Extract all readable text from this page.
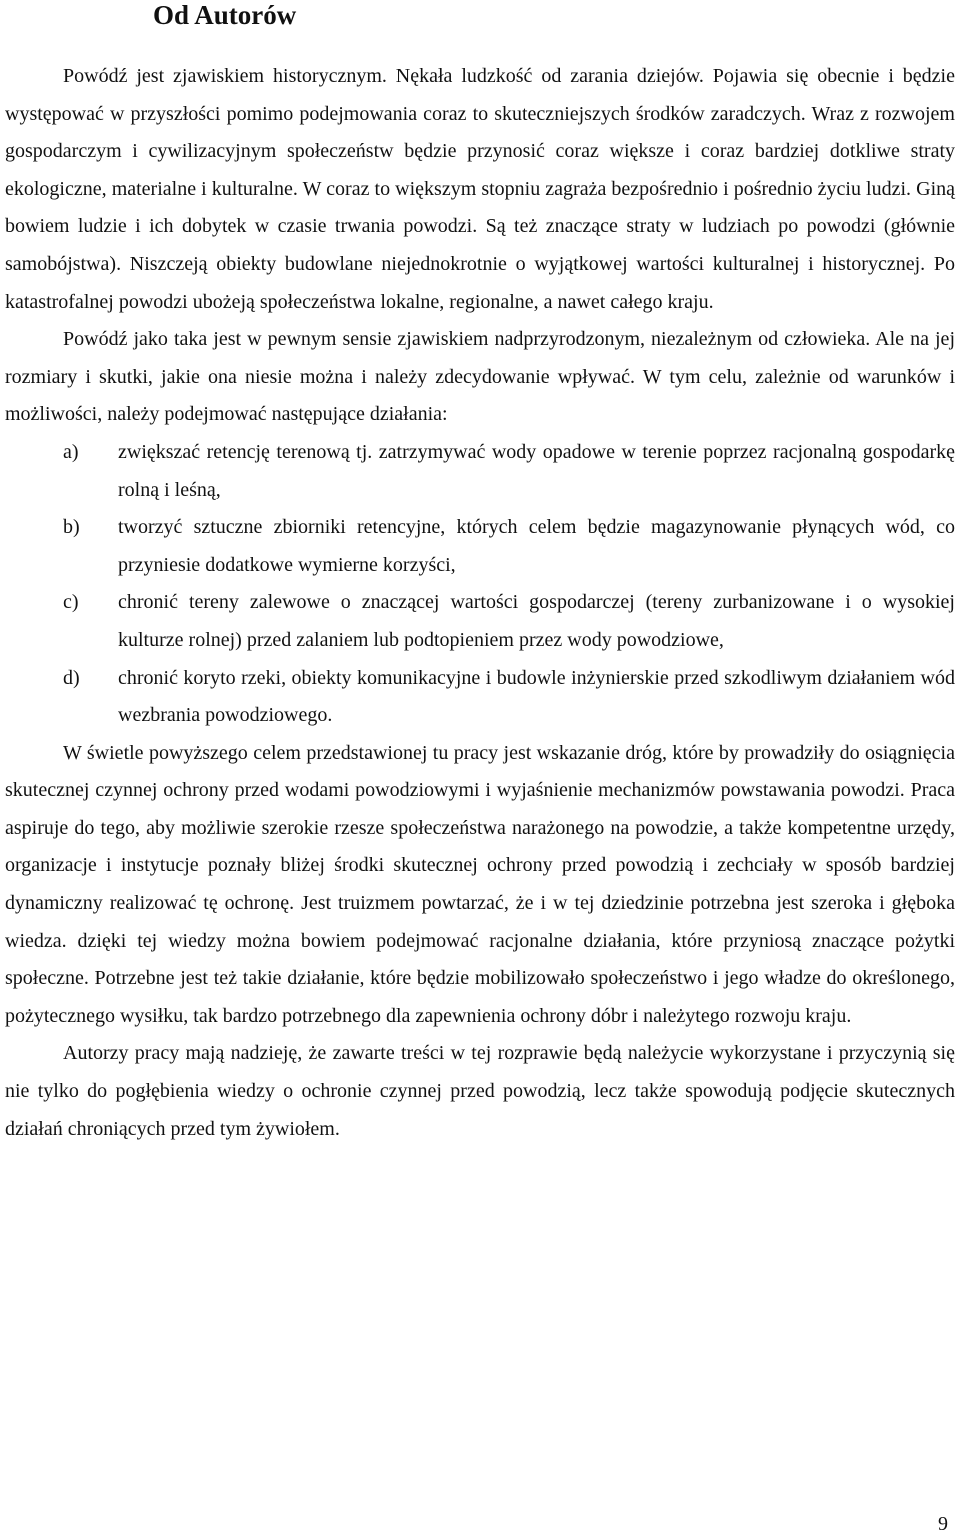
Od Autorów

Powódź jest zjawiskiem historycznym. Nękała ludzkość od zarania dziejów. Pojawia się obecnie i będzie występować w przyszłości pomimo podejmowania coraz to skuteczniejszych środków zaradczych. Wraz z rozwojem gospodarczym i cywilizacyjnym społeczeństw będzie przynosić coraz większe i coraz bardziej dotkliwe straty ekologiczne, materialne i kulturalne. W coraz to większym stopniu zagraża bezpośrednio i pośrednio życiu ludzi. Giną bowiem ludzie i ich dobytek w czasie trwania powodzi. Są też znaczące straty w ludziach po powodzi (głównie samobójstwa). Niszczeją obiekty budowlane niejednokrotnie o wyjątkowej wartości kulturalnej i historycznej. Po katastrofalnej powodzi ubożeją społeczeństwa lokalne, regionalne, a nawet całego kraju.

Powódź jako taka jest w pewnym sensie zjawiskiem nadprzyrodzonym, niezależnym od człowieka. Ale na jej rozmiary i skutki, jakie ona niesie można i należy zdecydowanie wpływać. W tym celu, zależnie od warunków i możliwości, należy podejmować następujące działania:

a) zwiększać retencję terenową tj. zatrzymywać wody opadowe w terenie poprzez racjonalną gospodarkę rolną i leśną,
b) tworzyć sztuczne zbiorniki retencyjne, których celem będzie magazynowanie płynących wód, co przyniesie dodatkowe wymierne korzyści,
c) chronić tereny zalewowe o znaczącej wartości gospodarczej (tereny zurbanizowane i o wysokiej kulturze rolnej) przed zalaniem lub podtopieniem przez wody powodziowe,
d) chronić koryto rzeki, obiekty komunikacyjne i budowle inżynierskie przed szkodliwym działaniem wód wezbrania powodziowego.

W świetle powyższego celem przedstawionej tu pracy jest wskazanie dróg, które by prowadziły do osiągnięcia skutecznej czynnej ochrony przed wodami powodziowymi i wyjaśnienie mechanizmów powstawania powodzi. Praca aspiruje do tego, aby możliwie szerokie rzesze społeczeństwa narażonego na powodzie, a także kompetentne urzędy, organizacje i instytucje poznały bliżej środki skutecznej ochrony przed powodzią i zechciały w sposób bardziej dynamiczny realizować tę ochronę. Jest truizmem powtarzać, że i w tej dziedzinie potrzebna jest szeroka i głęboka wiedza. dzięki tej wiedzy można bowiem podejmować racjonalne działania, które przyniosą znaczące pożytki społeczne. Potrzebne jest też takie działanie, które będzie mobilizowało społeczeństwo i jego władze do określonego, pożytecznego wysiłku, tak bardzo potrzebnego dla zapewnienia ochrony dóbr i należytego rozwoju kraju.

Autorzy pracy mają nadzieję, że zawarte treści w tej rozprawie będą należycie wykorzystane i przyczynią się nie tylko do pogłębienia wiedzy o ochronie czynnej przed powodzią, lecz także spowodują podjęcie skutecznych działań chroniących przed tym żywiołem.

9
